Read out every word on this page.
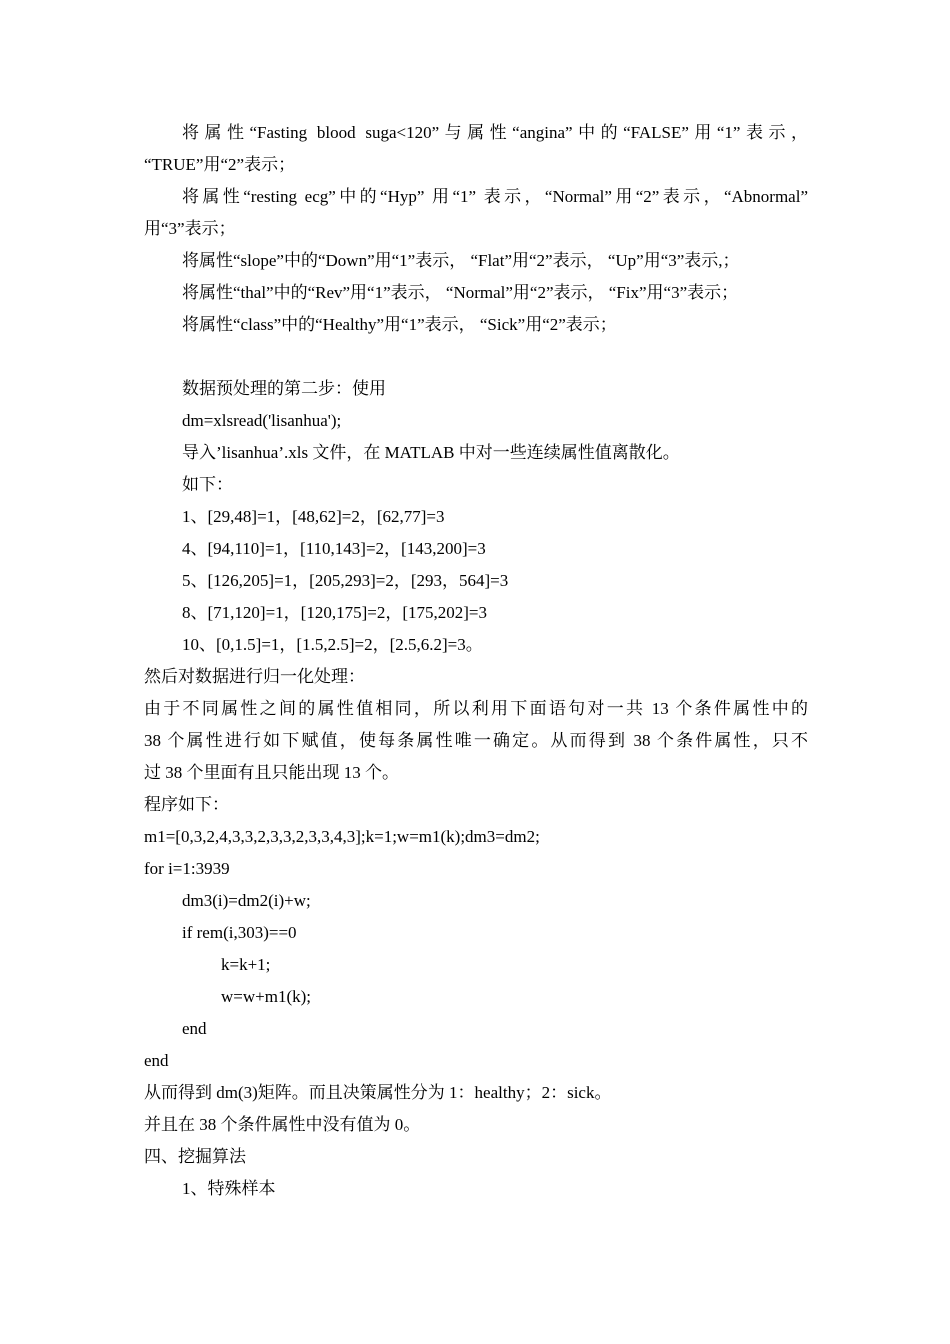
将属性“Fasting blood suga<120”与属性“angina”中的“FALSE”用“1”表示，
“TRUE”用“2”表示；
将属性“resting ecg”中的“Hyp” 用“1” 表示，“Normal”用“2”表示，“Abnormal”
用“3”表示；
将属性“slope”中的“Down”用“1”表示， “Flat”用“2”表示， “Up”用“3”表示,；
将属性“thal”中的“Rev”用“1”表示， “Normal”用“2”表示， “Fix”用“3”表示；
将属性“class”中的“Healthy”用“1”表示， “Sick”用“2”表示；
数据预处理的第二步：使用
dm=xlsread('lisanhua');
导入’lisanhua’.xls 文件，在 MATLAB 中对一些连续属性值离散化。
如下：
1、[29,48]=1，[48,62]=2，[62,77]=3
4、[94,110]=1，[110,143]=2，[143,200]=3
5、[126,205]=1，[205,293]=2，[293，564]=3
8、[71,120]=1，[120,175]=2，[175,202]=3
10、[0,1.5]=1，[1.5,2.5]=2，[2.5,6.2]=3。
然后对数据进行归一化处理：
由于不同属性之间的属性值相同，所以利用下面语句对一共 13 个条件属性中的
38 个属性进行如下赋值，使每条属性唯一确定。从而得到 38 个条件属性，只不
过 38 个里面有且只能出现 13 个。
程序如下：
m1=[0,3,2,4,3,3,2,3,3,2,3,3,4,3];k=1;w=m1(k);dm3=dm2;
for i=1:3939
dm3(i)=dm2(i)+w;
if rem(i,303)==0
k=k+1;
w=w+m1(k);
end
end
从而得到 dm(3)矩阵。而且决策属性分为 1：healthy；2：sick。
并且在 38 个条件属性中没有值为 0。
四、挖掘算法
1、特殊样本
